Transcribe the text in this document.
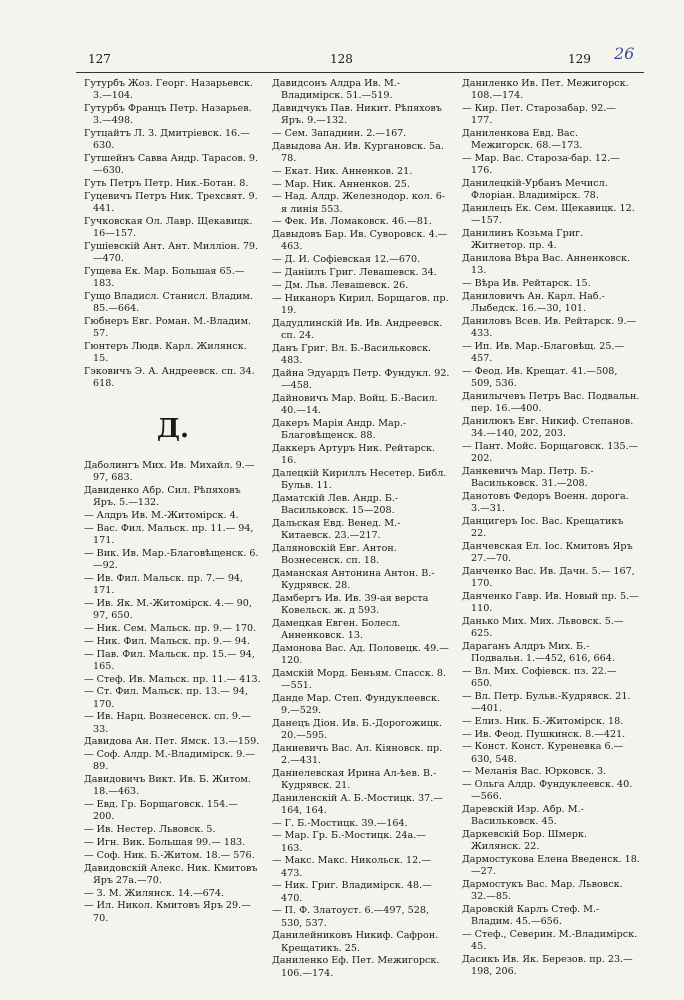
127	128	129 26
Гутурбъ Жоз. Георг. Назарьевск. 3.—104.
Гутурбъ Францъ Петр. Назарьев. 3.—498.
Гутцайтъ Л. З. Дмитріевск. 16.— 630.
Гутшейнъ Савва Андр. Тарасов. 9.—630.
Гуть Петръ Петр. Ник.-Ботан. 8.
Гуцевичъ Петръ Ник. Трехсвят. 9. 441.
Гучковская Ол. Лавр. Щекавицк. 16—157.
Гушіевскій Ант. Ант. Милліон. 79.—470.
Гущева Ек. Мар. Большая 65.— 183.
Гущо Владисл. Станисл. Владим. 85.—664.
Гюбнеръ Евг. Роман. М.-Владим. 57.
Гюнтеръ Людв. Карл. Жилянск. 15.
Гэковичъ Э. А. Андреевск. сп. 34. 618.
Д.
Даболингъ Мих. Ив. Михайл. 9.— 97, 683.
Давиденко Абр. Сил. Рѣпяховъ Яръ. 5.—132.
— Алдръ Ив. М.-Житомірск. 4.
— Вас. Фил. Мальск. пр. 11.— 94, 171.
— Вик. Ив. Мар.-Благовѣщенск. 6.—92.
— Ив. Фил. Мальск. пр. 7.— 94, 171.
— Ив. Як. М.-Житомірск. 4.— 90, 97, 650.
— Ник. Сем. Мальск. пр. 9.— 170.
— Ник. Фил. Мальск. пр. 9.— 94.
— Пав. Фил. Мальск. пр. 15.— 94, 165.
— Стеф. Ив. Мальск. пр. 11.— 413.
— Ст. Фил. Мальск. пр. 13.— 94, 170.
— Ив. Нарц. Вознесенск. сп. 9.—33.
Давидова Ан. Пет. Ямск. 13.—159.
— Соф. Алдр. М.-Владимірск. 9.—89.
Давидовичъ Викт. Ив. Б. Житом. 18.—463.
— Евд. Гр. Борщаговск. 154.— 200.
— Ив. Нестер. Львовск. 5.
— Игн. Вик. Большая 99.— 183.
— Соф. Ник. Б.-Житом. 18.— 576.
Давидовскій Алекс. Ник. Кмитовъ Яръ 27а.—70.
— З. М. Жилянск. 14.—674.
— Ил. Никол. Кмитовъ Яръ 29.— 70.
Давидсонъ Алдра Ив. М.-Владимірск. 51.—519.
Давидчукъ Пав. Никит. Рѣпяховъ Яръ. 9.—132.
— Сем. Западнин. 2.—167.
Давыдова Ан. Ив. Кургановск. 5а. 78.
— Екат. Ник. Анненков. 21.
— Мар. Ник. Анненков. 25.
— Над. Алдр. Железнодор. кол. 6-я линія 553.
— Фек. Ив. Ломаковск. 46.—81.
Давыдовъ Бар. Ив. Суворовск. 4.—463.
— Д. И. Софіевская 12.—670.
— Даніилъ Григ. Левашевск. 34.
— Дм. Льв. Левашевск. 26.
— Никаноръ Кирил. Борщагов. пр. 19.
Дадудлинскій Ив. Ив. Андреевск. сп. 24.
Данъ Григ. Вл. Б.-Васильковск. 483.
Дайна Эдуардъ Петр. Фундукл. 92.—458.
Дайновичъ Мар. Войц. Б.-Васил. 40.—14.
Дакеръ Марія Андр. Мар.-Благовѣщенск. 88.
Даккеръ Артуръ Ник. Рейтарск. 16.
Далецкій Кириллъ Несетер. Библ. Бульв. 11.
Даматскій Лев. Андр. Б.-Васильковск. 15—208.
Дальская Евд. Венед. М.-Китаевск. 23.—217.
Даляновскій Евг. Антон. Вознесенск. сп. 18.
Даманская Антонина Антон. В.-Кудрявск. 28.
Дамбергъ Ив. Ив. 39-ая верста Ковельск. ж. д 593.
Дамецкая Евген. Болесл. Анненковск. 13.
Дамонова Вас. Ад. Половецк. 49.—120.
Дамскій Морд. Беньям. Спасск. 8.—551.
Данде Мар. Степ. Фундуклеевск. 9.—529.
Данецъ Діон. Ив. Б.-Дорогожицк. 20.—595.
Даниевичъ Вас. Ал. Кіяновск. пр. 2.—431.
Даниелевская Ирина Ал-ѣев. В.-Кудрявск. 21.
Даниленскій А. Б.-Мостицк. 37.— 164, 164.
— Г. Б.-Мостицк. 39.—164.
— Мар. Гр. Б.-Мостицк. 24а.— 163.
— Макс. Макс. Никольск. 12.— 473.
— Ник. Григ. Владимірск. 48.— 470.
— П. Ф. Златоуст. 6.—497, 528, 530, 537.
Данилейниковъ Никиф. Сафрон. Крещатикъ. 25.
Даниленко Еф. Пет. Межигорск. 106.—174.
Даниленко Ив. Пет. Межигорск. 108.—174.
— Кир. Пет. Старозабар. 92.— 177.
Даниленкова Евд. Вас. Межигорск. 68.—173.
— Мар. Вас. Староза-бар. 12.— 176.
Данилецкій-Урбанъ Мечисл. Флоріан. Владимірск. 78.
Данилецъ Ек. Сем. Щекавицк. 12.—157.
Данилинъ Козьма Григ. Житнетор. пр. 4.
Данилова Вѣра Вас. Анненковск. 13.
— Вѣра Ив. Рейтарск. 15.
Даниловичъ Ан. Карл. Наб.-Лыбедск. 16.—30, 101.
Даниловъ Всев. Ив. Рейтарск. 9.—433.
— Ип. Ив. Мар.-Благовѣщ. 25.— 457.
— Феод. Ив. Крещат. 41.—508, 509, 536.
Данилычевъ Петръ Вас. Подвальн. пер. 16.—400.
Данилюкъ Евг. Никиф. Степанов. 34.—140, 202, 203.
— Пант. Мойс. Борщаговск. 135.—202.
Данкевичъ Мар. Петр. Б.-Васильковск. 31.—208.
Данотовъ Федоръ Военн. дорога. 3.—31.
Данцигеръ Іос. Вас. Крещатикъ 22.
Данчевская Ел. Іос. Кмитовъ Яръ 27.—70.
Данченко Вас. Ив. Дачн. 5.— 167, 170.
Данченко Гавр. Ив. Новый пр. 5.—110.
Данько Мих. Мих. Львовск. 5.— 625.
Дараганъ Алдръ Мих. Б.-Подвальн. 1.—452, 616, 664.
— Вл. Мих. Софіевск. пз. 22.— 650.
— Вл. Петр. Бульв.-Кудрявск. 21.—401.
— Елиз. Ник. Б.-Житомірск. 18.
— Ив. Феод. Пушкинск. 8.—421.
— Конст. Конст. Куреневка 6.— 630, 548.
— Меланія Вас. Юрковск. 3.
— Ольга Алдр. Фундуклеевск. 40.—566.
Даревскій Изр. Абр. М.-Васильковск. 45.
Даркевскій Бор. Шмерк. Жилянск. 22.
Дармостукова Елена Введенск. 18.—27.
Дармостукъ Вас. Мар. Львовск. 32.—85.
Даровскій Карлъ Стеф. М.-Владим. 45.—656.
— Стеф., Северин. М.-Владимірск. 45.
Дасикъ Ив. Як. Березов. пр. 23.— 198, 206.
